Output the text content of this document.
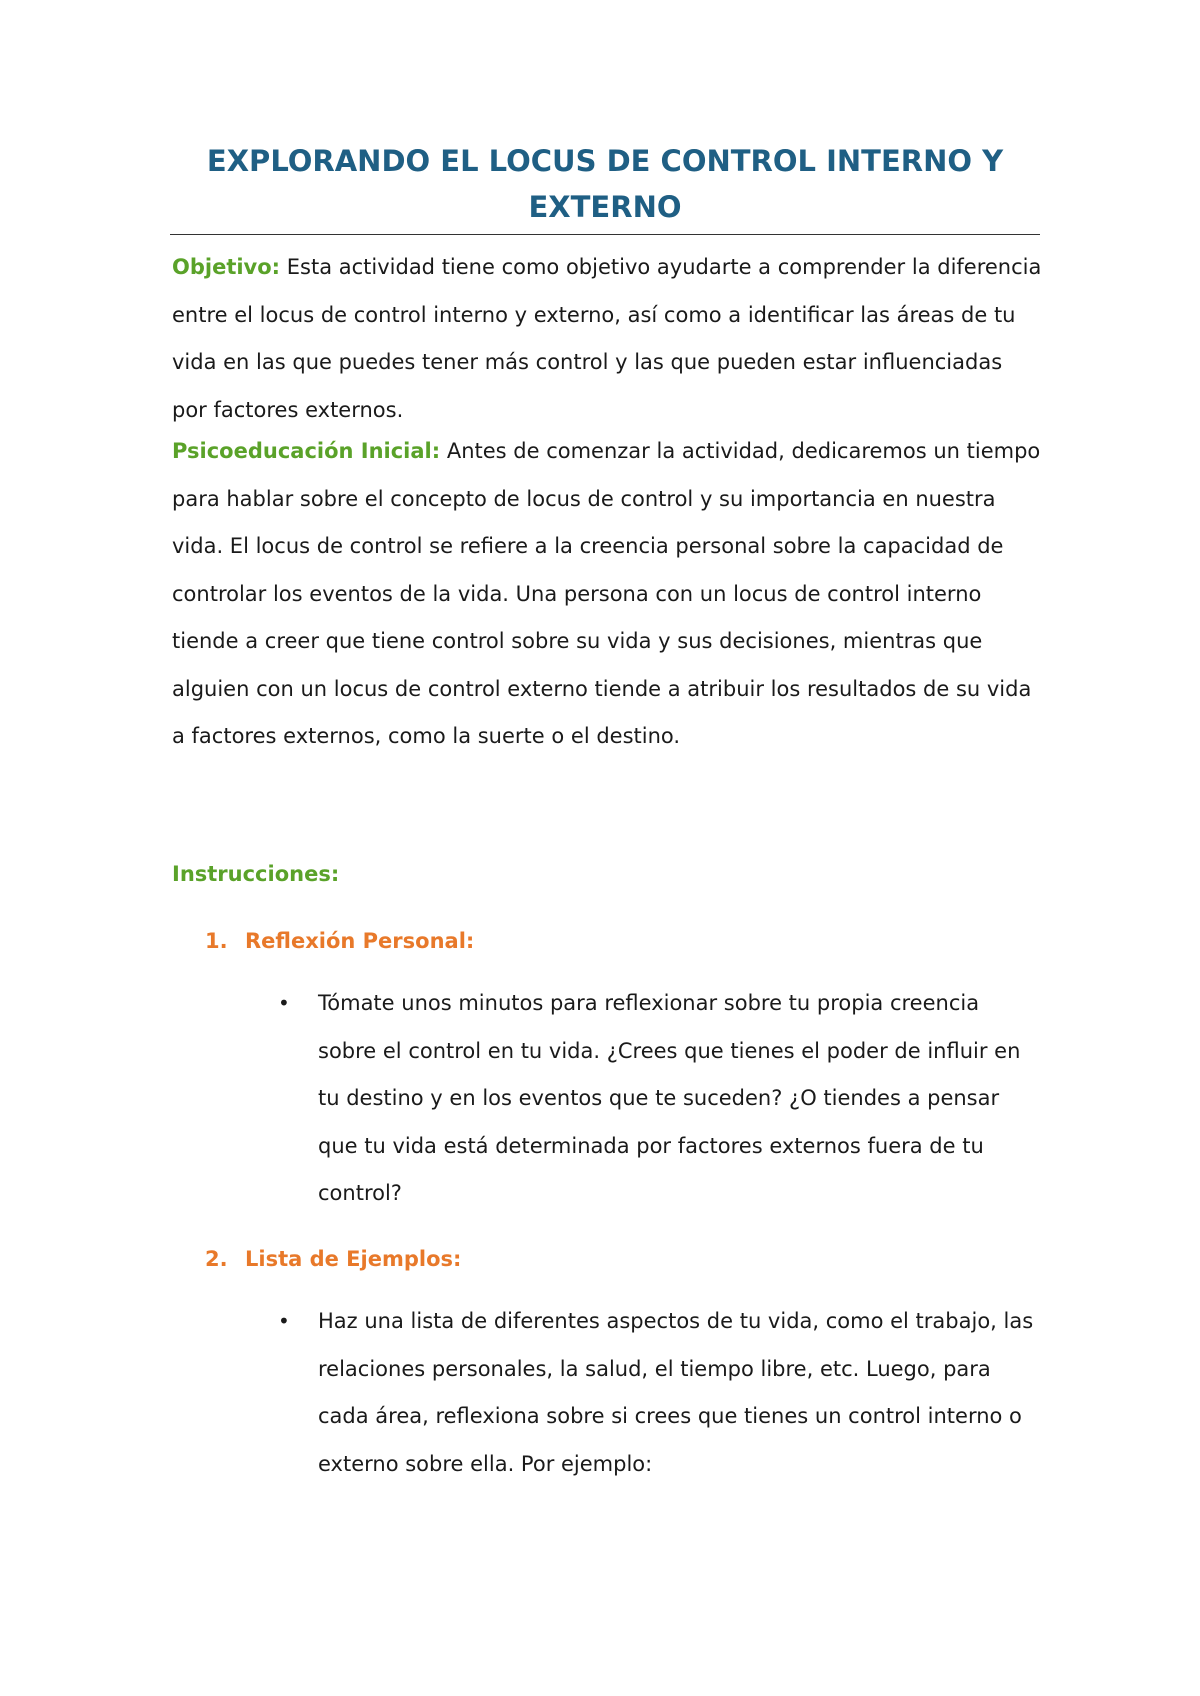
EXPLORANDO EL LOCUS DE CONTROL INTERNO Y EXTERNO

Objetivo: Esta actividad tiene como objetivo ayudarte a comprender la diferencia entre el locus de control interno y externo, así como a identificar las áreas de tu vida en las que puedes tener más control y las que pueden estar influenciadas por factores externos.

Psicoeducación Inicial: Antes de comenzar la actividad, dedicaremos un tiempo para hablar sobre el concepto de locus de control y su importancia en nuestra vida. El locus de control se refiere a la creencia personal sobre la capacidad de controlar los eventos de la vida. Una persona con un locus de control interno tiende a creer que tiene control sobre su vida y sus decisiones, mientras que alguien con un locus de control externo tiende a atribuir los resultados de su vida a factores externos, como la suerte o el destino.

Instrucciones:

1. Reflexión Personal:

• Tómate unos minutos para reflexionar sobre tu propia creencia sobre el control en tu vida. ¿Crees que tienes el poder de influir en tu destino y en los eventos que te suceden? ¿O tiendes a pensar que tu vida está determinada por factores externos fuera de tu control?

2. Lista de Ejemplos:

• Haz una lista de diferentes aspectos de tu vida, como el trabajo, las relaciones personales, la salud, el tiempo libre, etc. Luego, para cada área, reflexiona sobre si crees que tienes un control interno o externo sobre ella. Por ejemplo:
